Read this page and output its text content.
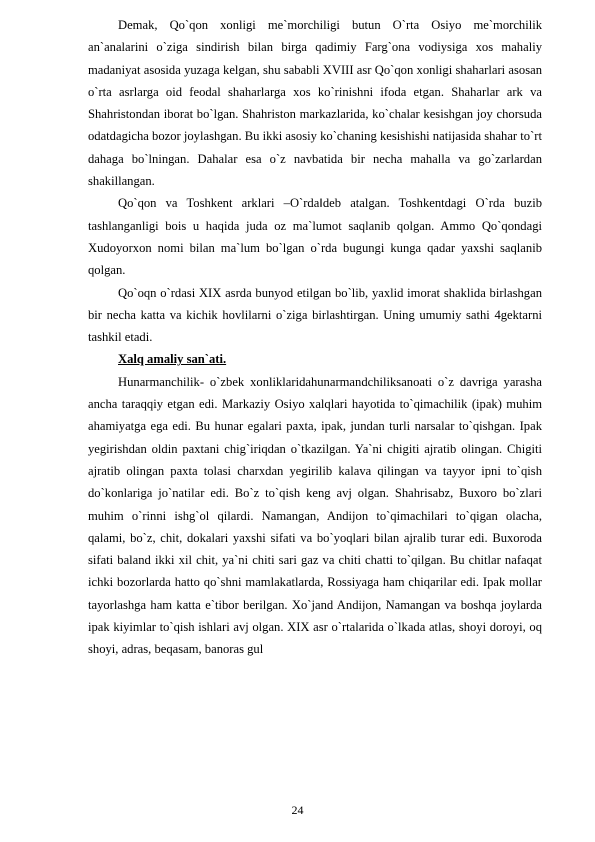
Demak, Qo`qon xonligi me`morchiligi butun O`rta Osiyo me`morchilik an`analarini o`ziga sindirish bilan birga qadimiy Farg`ona vodiysiga xos mahaliy madaniyat asosida yuzaga kelgan, shu sababli XVIII asr Qo`qon xonligi shaharlari asosan o`rta asrlarga oid feodal shaharlarga xos ko`rinishni ifoda etgan. Shaharlar ark va Shahristondan iborat bo`lgan. Shahriston markazlarida, ko`chalar kesishgan joy chorsuda odatdagicha bozor joylashgan. Bu ikki asosiy ko`chaning kesishishi natijasida shahar to`rt dahaga bo`lningan. Dahalar esa o`z navbatida bir necha mahalla va go`zarlardan shakillangan.

Qo`qon va Toshkent arklari –O`rda‖deb atalgan. Toshkentdagi O`rda buzib tashlanganligi bois u haqida juda oz ma`lumot saqlanib qolgan. Ammo Qo`qondagi Xudoyorxon nomi bilan ma`lum bo`lgan o`rda bugungi kunga qadar yaxshi saqlanib qolgan.

Qo`oqn o`rdasi XIX asrda bunyod etilgan bo`lib, yaxlid imorat shaklida birlashgan bir necha katta va kichik hovlilarni o`ziga birlashtirgan. Uning umumiy sathi 4gektarni tashkil etadi.

Xalq amaliy san`ati.

Hunarmanchilik- o`zbek xonliklaridahunarmandchiliksanoati o`z davriga yarasha ancha taraqqiy etgan edi. Markaziy Osiyo xalqlari hayotida to`qimachilik (ipak) muhim ahamiyatga ega edi. Bu hunar egalari paxta, ipak, jundan turli narsalar to`qishgan. Ipak yegirishdan oldin paxtani chig`iriqdan o`tkazilgan. Ya`ni chigiti ajratib olingan. Chigiti ajratib olingan paxta tolasi charxdan yegirilib kalava qilingan va tayyor ipni to`qish do`konlariga jo`natilar edi. Bo`z to`qish keng avj olgan. Shahrisabz, Buxoro bo`zlari muhim o`rinni ishg`ol qilardi. Namangan, Andijon to`qimachilari to`qigan olacha, qalami, bo`z, chit, dokalari yaxshi sifati va bo`yoqlari bilan ajralib turar edi. Buxoroda sifati baland ikki xil chit, ya`ni chiti sari gaz va chiti chatti to`qilgan. Bu chitlar nafaqat ichki bozorlarda hatto qo`shni mamlakatlarda, Rossiyaga ham chiqarilar edi. Ipak mollar tayorlashga ham katta e`tibor berilgan. Xo`jand Andijon, Namangan va boshqa joylarda ipak kiyimlar to`qish ishlari avj olgan. XIX asr o`rtalarida o`lkada atlas, shoyi doroyi, oq shoyi, adras, beqasam, banoras gul

24
